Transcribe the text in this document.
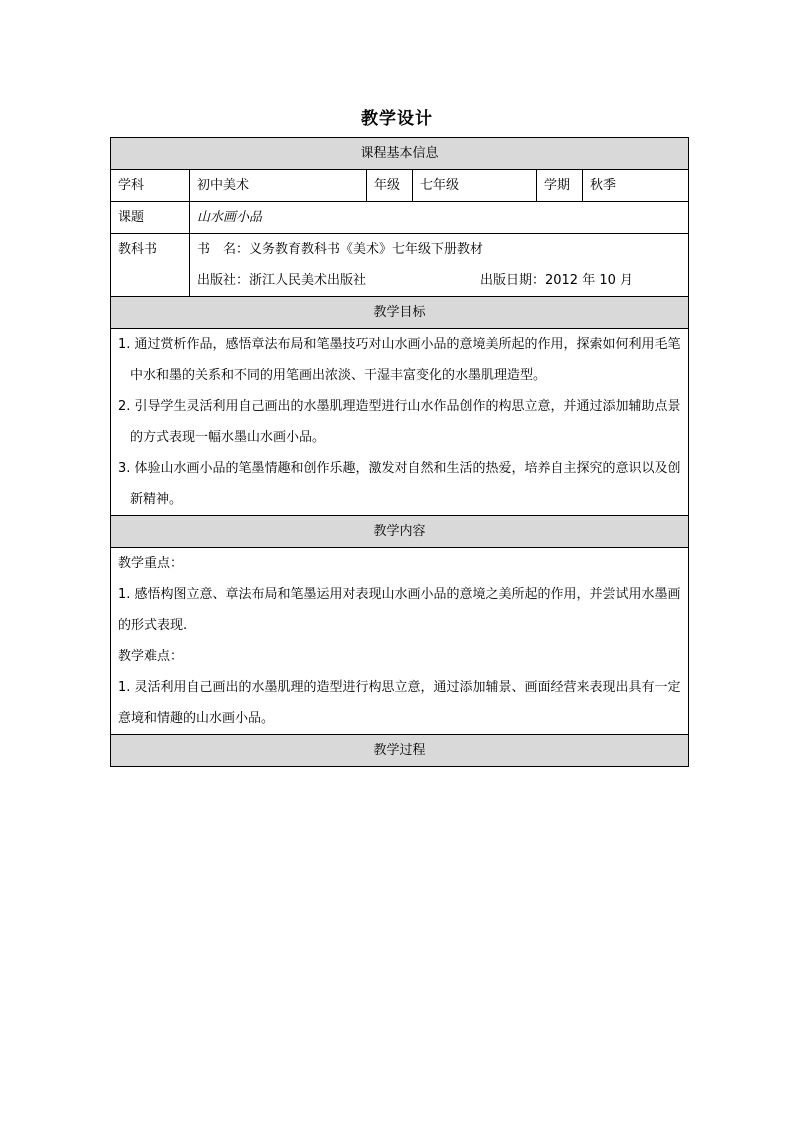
教学设计
课程基本信息					
学科	初中美术	年级	七年级	学期	秋季
课题	山水画小品				

教科书	书　名：义务教育教科书《美术》七年级下册教材
出版社：浙江人民美术出版社 出版日期：2012 年 10 月				

教学目标					

1. 通过赏析作品，感悟章法布局和笔墨技巧对山水画小品的意境美所起的作用，探索如何利用毛笔中水和墨的关系和不同的用笔画出浓淡、干湿丰富变化的水墨肌理造型。
2. 引导学生灵活利用自己画出的水墨肌理造型进行山水作品创作的构思立意，并通过添加辅助点景的方式表现一幅水墨山水画小品。
3. 体验山水画小品的笔墨情趣和创作乐趣，激发对自然和生活的热爱，培养自主探究的意识以及创新精神。					

教学内容					

教学重点：
1. 感悟构图立意、章法布局和笔墨运用对表现山水画小品的意境之美所起的作用，并尝试用水墨画的形式表现.
教学难点：
1. 灵活利用自己画出的水墨肌理的造型进行构思立意，通过添加辅景、画面经营来表现出具有一定意境和情趣的山水画小品。					

教学过程					
